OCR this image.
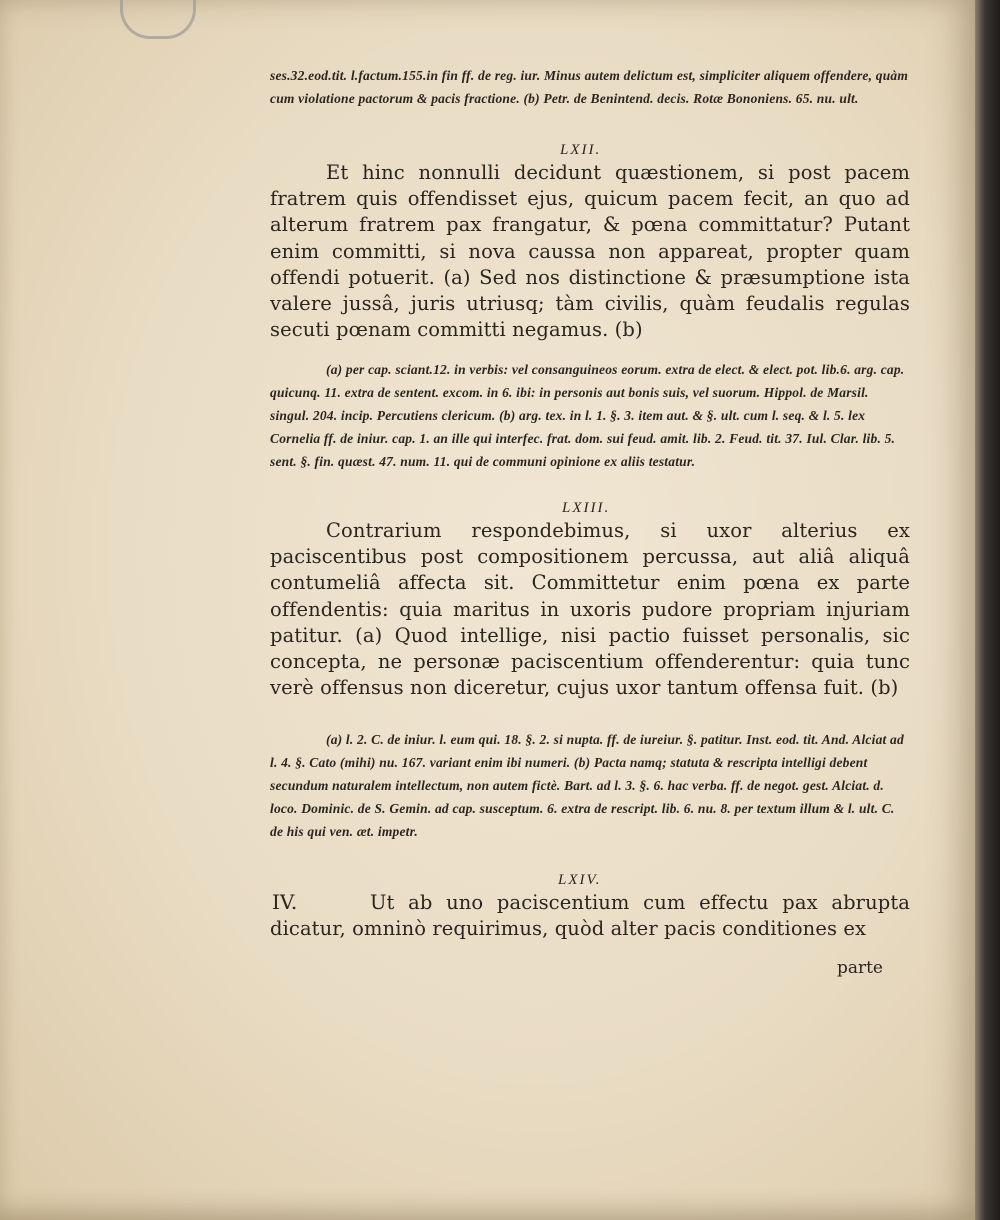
ses.32.eod.tit. l.factum.155.in fin ff. de reg. iur. Minus autem delictum est, simpliciter aliquem offendere, quàm cum violatione pactorum & pacis fractione. (b) Petr. de Benintend. decis. Rotæ Bononiens. 65. nu. ult.

LXII.

Et hinc nonnulli decidunt quæstionem, si post pacem fratrem quis offendisset ejus, quicum pacem fecit, an quo ad alterum fratrem pax frangatur, & pœna committatur? Putant enim committi, si nova caussa non appareat, propter quam offendi potuerit. (a) Sed nos distinctione & præsumptione ista valere jussâ, juris utriusq; tàm civilis, quàm feudalis regulas secuti pœnam committi negamus. (b)

(a) per cap. sciant.12. in verbis: vel consanguineos eorum. extra de elect. & elect. pot. lib.6. arg. cap. quicunq. 11. extra de sentent. excom. in 6. ibi: in personis aut bonis suis, vel suorum. Hippol. de Marsil. singul. 204. incip. Percutiens clericum. (b) arg. tex. in l. 1. §. 3. item aut. & §. ult. cum l. seq. & l. 5. lex Cornelia ff. de iniur. cap. 1. an ille qui interfec. frat. dom. sui feud. amit. lib. 2. Feud. tit. 37. Iul. Clar. lib. 5. sent. §. fin. quæst. 47. num. 11. qui de communi opinione ex aliis testatur.

LXIII.

Contrarium respondebimus, si uxor alterius ex paciscentibus post compositionem percussa, aut aliâ aliquâ contumeliâ affecta sit. Committetur enim pœna ex parte offendentis: quia maritus in uxoris pudore propriam injuriam patitur. (a) Quod intellige, nisi pactio fuisset personalis, sic concepta, ne personæ paciscentium offenderentur: quia tunc verè offensus non diceretur, cujus uxor tantum offensa fuit. (b)

(a) l. 2. C. de iniur. l. eum qui. 18. §. 2. si nupta. ff. de iureiur. §. patitur. Inst. eod. tit. And. Alciat ad l. 4. §. Cato (mihi) nu. 167. variant enim ibi numeri. (b) Pacta namq; statuta & rescripta intelligi debent secundum naturalem intellectum, non autem fictè. Bart. ad l. 3. §. 6. hac verba. ff. de negot. gest. Alciat. d. loco. Dominic. de S. Gemin. ad cap. susceptum. 6. extra de rescript. lib. 6. nu. 8. per textum illum & l. ult. C. de his qui ven. æt. impetr.

LXIV.
IV.	Ut ab uno paciscentium cum effectu pax abrupta dicatur, omninò requirimus, quòd alter pacis conditiones ex

parte
